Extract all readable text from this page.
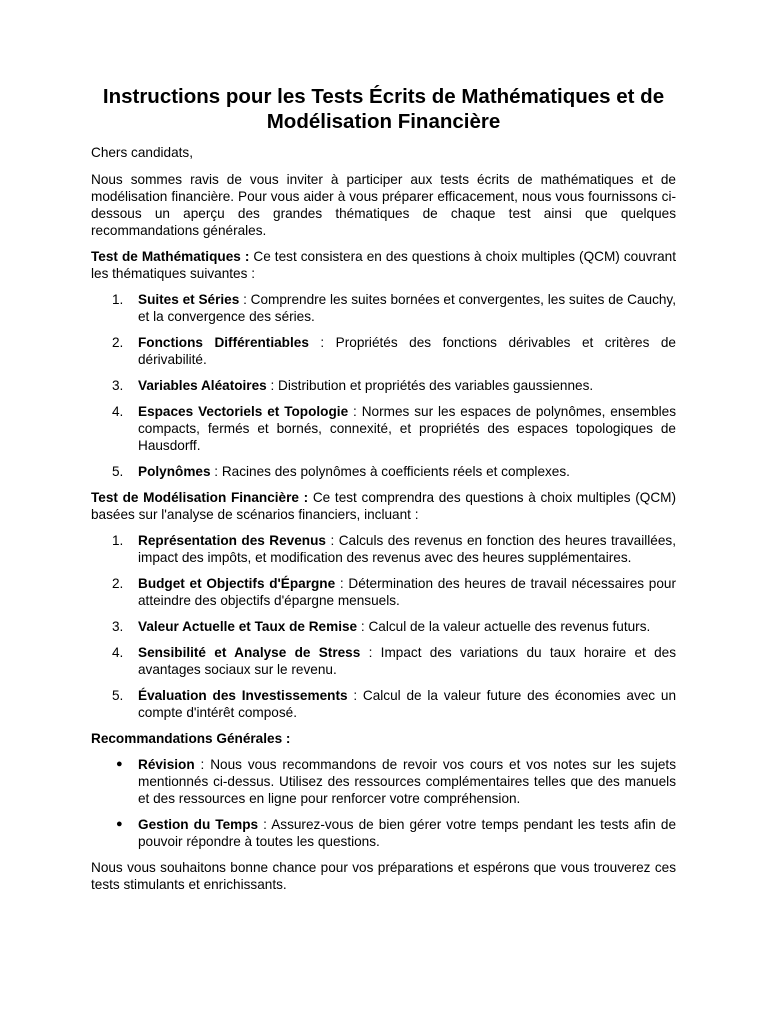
Instructions pour les Tests Écrits de Mathématiques et de
Modélisation Financière

Chers candidats,

Nous sommes ravis de vous inviter à participer aux tests écrits de mathématiques et de modélisation financière. Pour vous aider à vous préparer efficacement, nous vous fournissons ci-dessous un aperçu des grandes thématiques de chaque test ainsi que quelques recommandations générales.

Test de Mathématiques : Ce test consistera en des questions à choix multiples (QCM) couvrant les thématiques suivantes :

1. Suites et Séries : Comprendre les suites bornées et convergentes, les suites de Cauchy, et la convergence des séries.
2. Fonctions Différentiables : Propriétés des fonctions dérivables et critères de dérivabilité.
3. Variables Aléatoires : Distribution et propriétés des variables gaussiennes.
4. Espaces Vectoriels et Topologie : Normes sur les espaces de polynômes, ensembles compacts, fermés et bornés, connexité, et propriétés des espaces topologiques de Hausdorff.
5. Polynômes : Racines des polynômes à coefficients réels et complexes.

Test de Modélisation Financière : Ce test comprendra des questions à choix multiples (QCM) basées sur l'analyse de scénarios financiers, incluant :

1. Représentation des Revenus : Calculs des revenus en fonction des heures travaillées, impact des impôts, et modification des revenus avec des heures supplémentaires.
2. Budget et Objectifs d'Épargne : Détermination des heures de travail nécessaires pour atteindre des objectifs d'épargne mensuels.
3. Valeur Actuelle et Taux de Remise : Calcul de la valeur actuelle des revenus futurs.
4. Sensibilité et Analyse de Stress : Impact des variations du taux horaire et des avantages sociaux sur le revenu.
5. Évaluation des Investissements : Calcul de la valeur future des économies avec un compte d'intérêt composé.

Recommandations Générales :

● Révision : Nous vous recommandons de revoir vos cours et vos notes sur les sujets mentionnés ci-dessus. Utilisez des ressources complémentaires telles que des manuels et des ressources en ligne pour renforcer votre compréhension.
● Gestion du Temps : Assurez-vous de bien gérer votre temps pendant les tests afin de pouvoir répondre à toutes les questions.

Nous vous souhaitons bonne chance pour vos préparations et espérons que vous trouverez ces tests stimulants et enrichissants.
